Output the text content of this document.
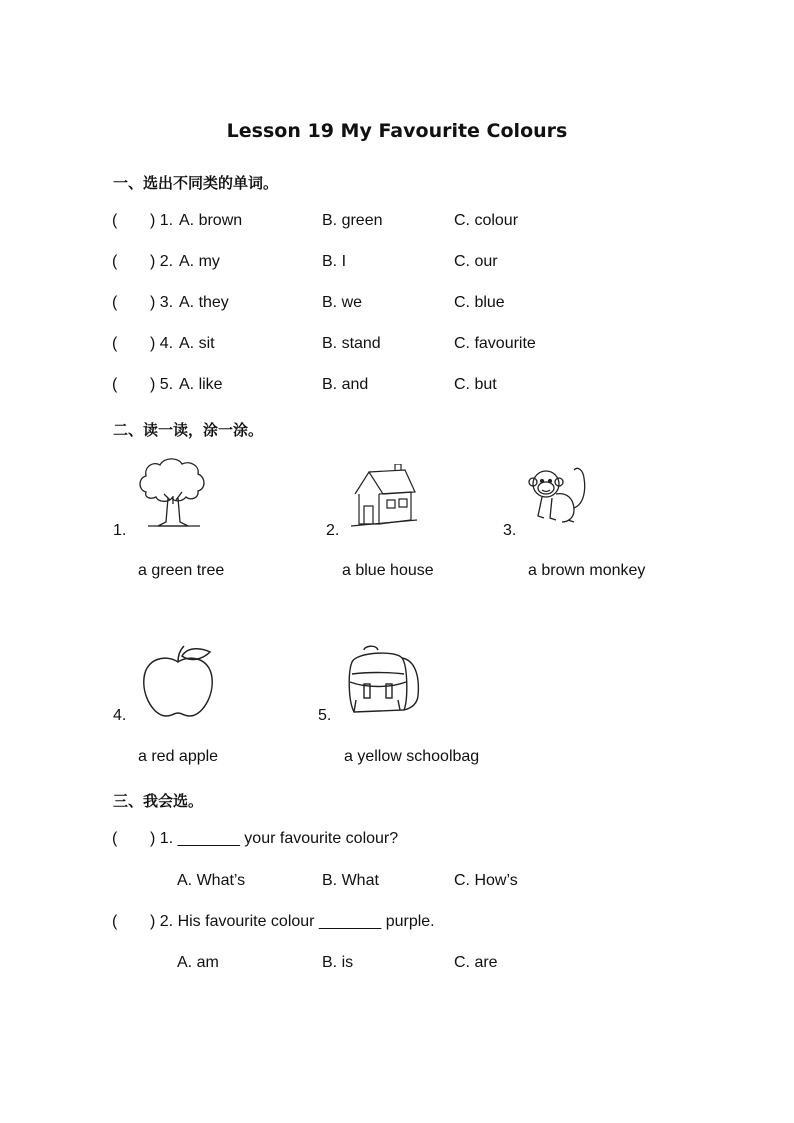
Lesson 19 My Favourite Colours
一、选出不同类的单词。
( ) 1. A. brown	B. green	C. colour
( ) 2. A. my	B. I	C. our
( ) 3. A. they	B. we	C. blue
( ) 4. A. sit	B. stand	C. favourite
( ) 5. A. like	B. and	C. but
二、读一读，涂一涂。
1.
a green tree
2.
a blue house
3.
a brown monkey
4.
a red apple
5.
a yellow schoolbag
三、我会选。
( ) 1. _______ your favourite colour?
A. What’s	B. What	C. How’s
( ) 2. His favourite colour _______ purple.
A. am	B. is	C. are
